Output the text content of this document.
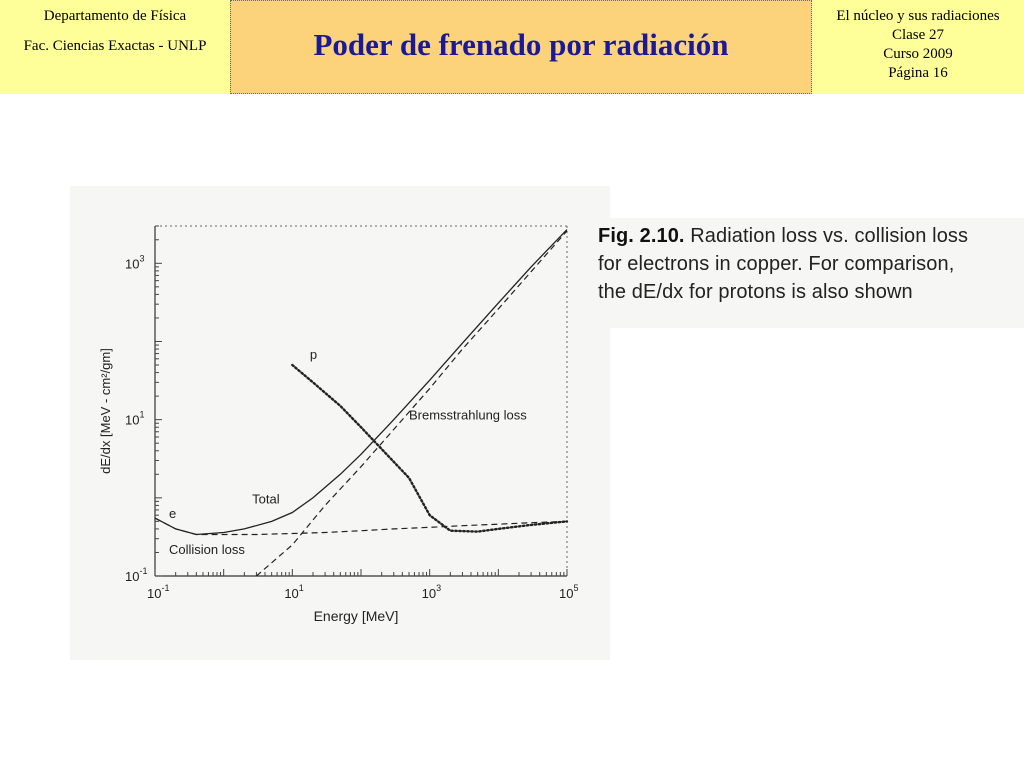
Departamento de Física
Fac. Ciencias Exactas - UNLP	Poder de frenado por radiación
El núcleo y sus radiaciones
Clase 27
Curso 2009
Página 16
$10^{-1}$	$10^1$	$10^3$	$10^5$
$10^{-1}$
$10^1$
$10^3$
Energy [MeV]
dE/dx [MeV - cm²/gm]	p
Bremsstrahlung loss
e
Total
Collision loss
Fig. 2.10. Radiation loss vs. collision loss
for electrons in copper. For comparison,
the dE/dx for protons is also shown
